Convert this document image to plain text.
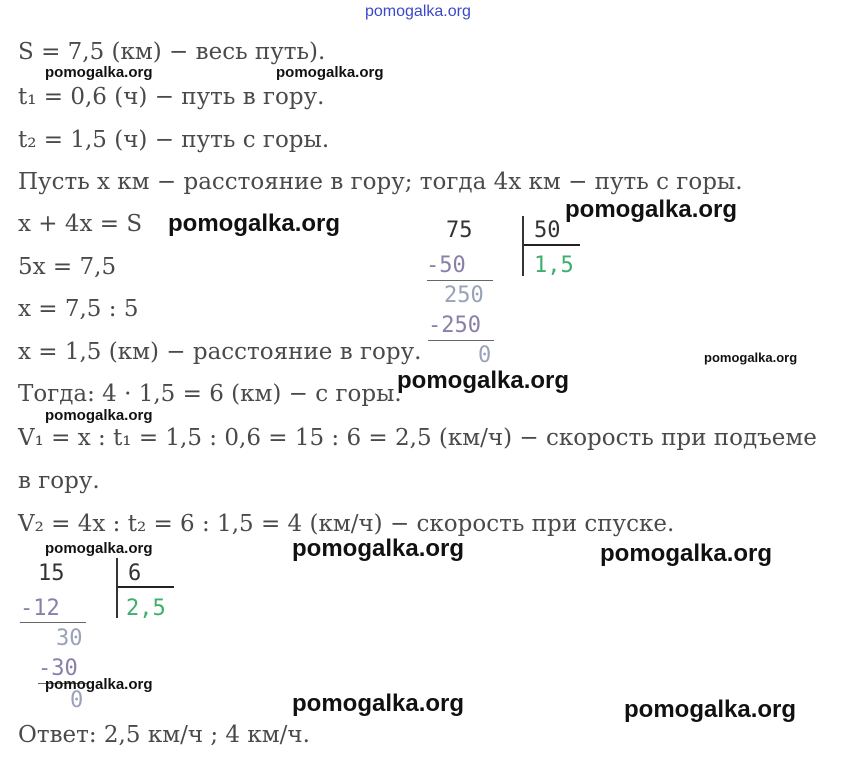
pomogalka.org
S = 7,5 (км) − весь путь).
t₁ = 0,6 (ч) − путь в гору.
t₂ = 1,5 (ч) − путь с горы.
Пусть x км − расстояние в гору; тогда 4x км − путь с горы.
x + 4x = S
5x = 7,5
x = 7,5 : 5
x = 1,5 (км) − расстояние в гору.
Тогда: 4 · 1,5 = 6 (км) − с горы.
V₁ = x : t₁ = 1,5 : 0,6 = 15 : 6 = 2,5 (км/ч) − скорость при подъеме
в гору.
V₂ = 4x : t₂ = 6 : 1,5 = 4 (км/ч) − скорость при спуске.
Ответ: 2,5 км/ч ; 4 км/ч.
75	50
-50	1,5
250
-250
0
15	6
-12	2,5
30
-30
0
pomogalka.org	pomogalka.org
pomogalka.org
pomogalka.org
pomogalka.org
pomogalka.org
pomogalka.org
pomogalka.org	pomogalka.org	pomogalka.org
pomogalka.org
pomogalka.org	pomogalka.org
